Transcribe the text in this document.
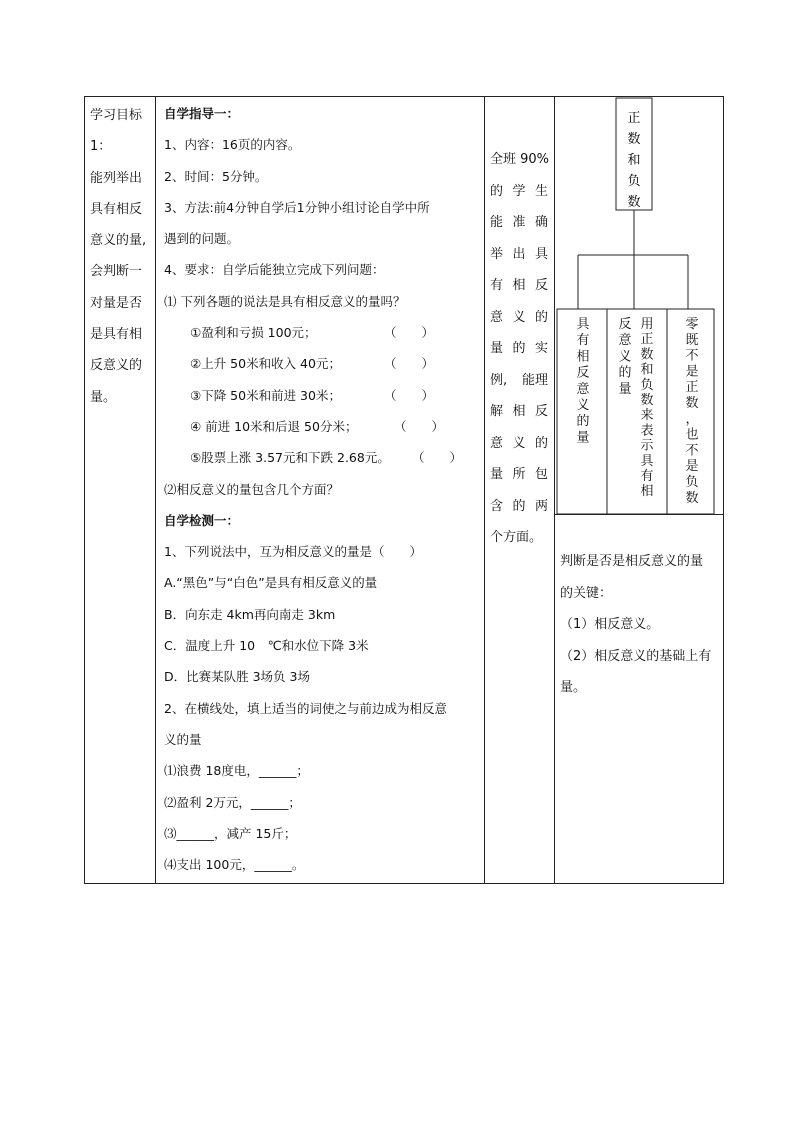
学习目标
1：
能列举出
具有相反
意义的量,
会判断一
对量是否
是具有相
反意义的
量。
自学指导一：
1、内容：16页的内容。
2、时间：5分钟。
3、方法:前4分钟自学后1分钟小组讨论自学中所
遇到的问题。
4、要求：自学后能独立完成下列问题：
⑴ 下列各题的说法是具有相反意义的量吗？
①盈利和亏损 100元；	（　　）
②上升 50米和收入 40元；	（　　）
③下降 50米和前进 30米；	（　　）
④ 前进 10米和后退 50分米；	（　　）
⑤股票上涨 3.57元和下跌 2.68元。 （　　）
⑵相反意义的量包含几个方面？
自学检测一：
1、下列说法中，互为相反意义的量是（　　）
A.“黑色”与“白色”是具有相反意义的量
B．向东走 4km再向南走 3km
C．温度上升 10　℃和水位下降 3米
D．比赛某队胜 3场负 3场
2、在横线处，填上适当的词使之与前边成为相反意
义的量
⑴浪费 18度电，______；
⑵盈利 2万元，______；
⑶______，减产 15斤；
⑷支出 100元，______。
全班 90%
的 学 生
能 准 确
举 出 具
有 相 反
意 义 的
量 的 实
例, 能理
解 相 反
意 义 的
量 所 包
含 的 两
个方面。
正
数
和
负
数
具有相反意义的量
反意义的量
用正数和负数来表示具有相
零既不是正数，也不是负数
判断是否是相反意义的量
的关键：
（1）相反意义。
（2）相反意义的基础上有
量。
